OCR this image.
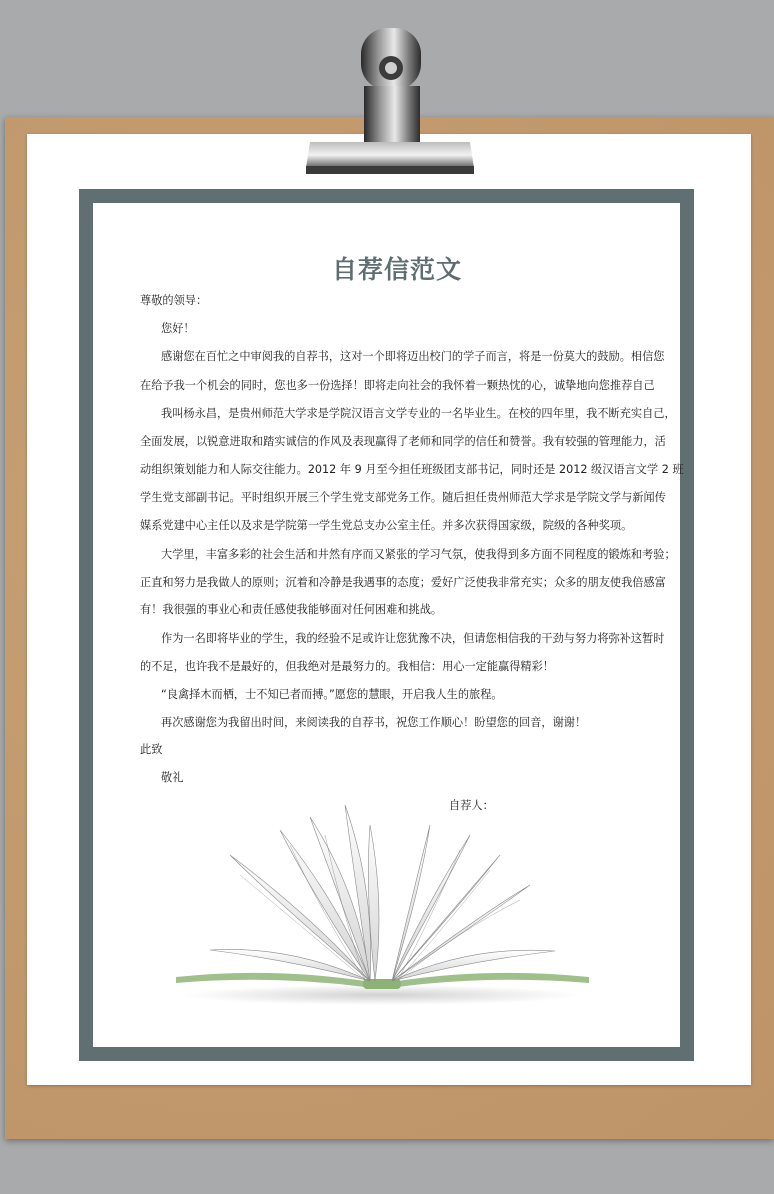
自荐信范文
尊敬的领导：
您好！
感谢您在百忙之中审阅我的自荐书，这对一个即将迈出校门的学子而言，将是一份莫大的鼓励。相信您
在给予我一个机会的同时，您也多一份选择！即将走向社会的我怀着一颗热忱的心，诚挚地向您推荐自己
我叫杨永昌，是贵州师范大学求是学院汉语言文学专业的一名毕业生。在校的四年里，我不断充实自己，
全面发展，以锐意进取和踏实诚信的作风及表现赢得了老师和同学的信任和赞誉。我有较强的管理能力，活
动组织策划能力和人际交往能力。2012 年 9 月至今担任班级团支部书记，同时还是 2012 级汉语言文学 2 班
学生党支部副书记。平时组织开展三个学生党支部党务工作。随后担任贵州师范大学求是学院文学与新闻传
媒系党建中心主任以及求是学院第一学生党总支办公室主任。并多次获得国家级，院级的各种奖项。
大学里，丰富多彩的社会生活和井然有序而又紧张的学习气氛，使我得到多方面不同程度的锻炼和考验；
正直和努力是我做人的原则；沉着和冷静是我遇事的态度；爱好广泛使我非常充实；众多的朋友使我倍感富
有！我很强的事业心和责任感使我能够面对任何困难和挑战。
作为一名即将毕业的学生，我的经验不足或许让您犹豫不决，但请您相信我的干劲与努力将弥补这暂时
的不足，也许我不是最好的，但我绝对是最努力的。我相信：用心一定能赢得精彩！
“良禽择木而栖，士不知已者而搏。”愿您的慧眼，开启我人生的旅程。
再次感谢您为我留出时间，来阅读我的自荐书，祝您工作顺心！盼望您的回音，谢谢！
此致
敬礼
自荐人：
